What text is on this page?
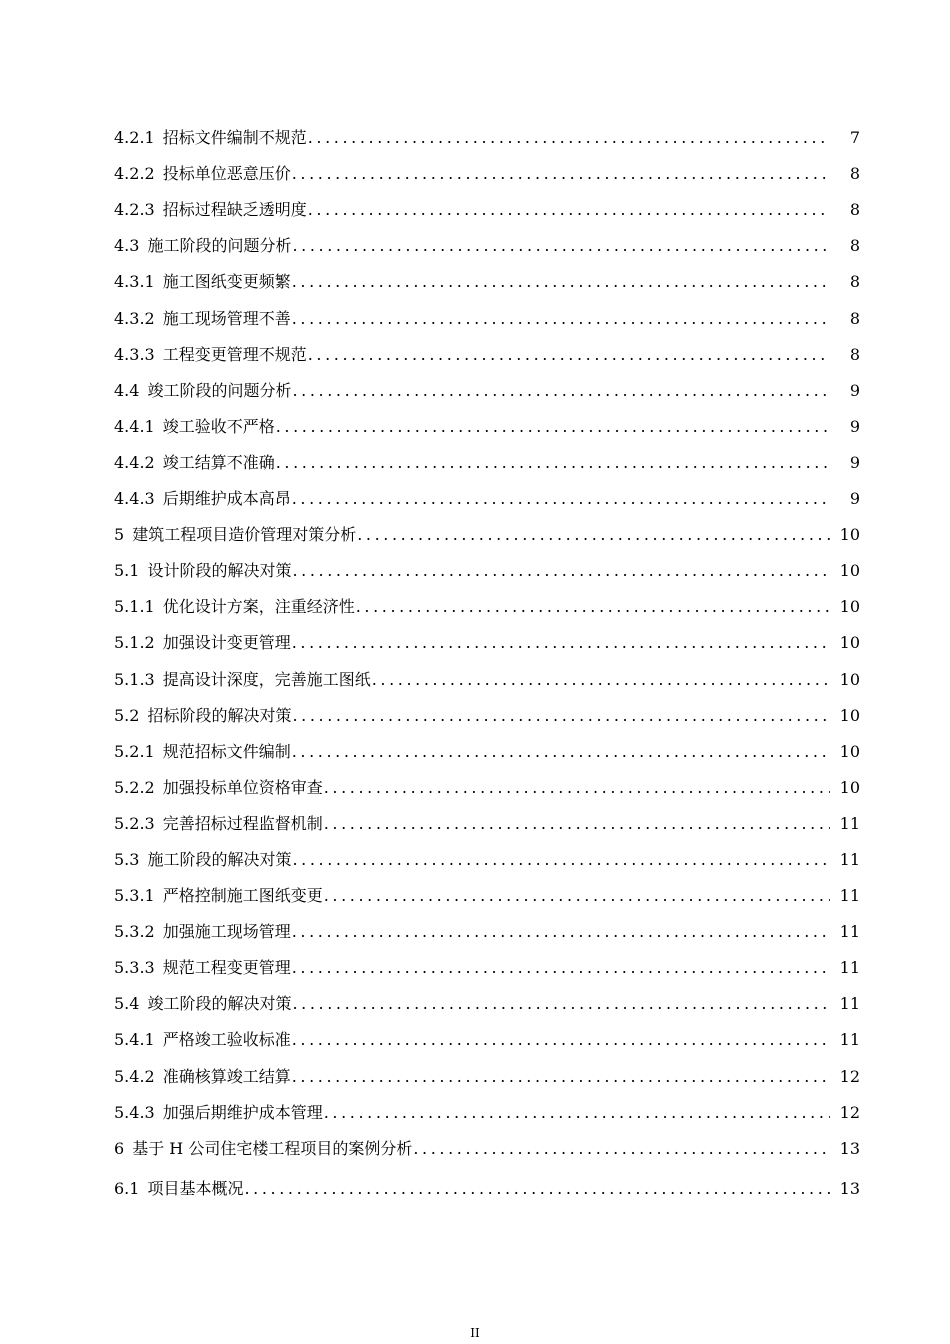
4.2.1 招标文件编制不规范 .....	7
4.2.2 投标单位恶意压价 .....	8
4.2.3 招标过程缺乏透明度 .....	8
4.3 施工阶段的问题分析 .....	8
4.3.1 施工图纸变更频繁 .....	8
4.3.2 施工现场管理不善 .....	8
4.3.3 工程变更管理不规范 .....	8
4.4 竣工阶段的问题分析 .....	9
4.4.1 竣工验收不严格 .....	9
4.4.2 竣工结算不准确 .....	9
4.4.3 后期维护成本高昂 .....	9
5 建筑工程项目造价管理对策分析 .....	10
5.1 设计阶段的解决对策 .....	10
5.1.1 优化设计方案，注重经济性 .....	10
5.1.2 加强设计变更管理 .....	10
5.1.3 提高设计深度，完善施工图纸 .....	10
5.2 招标阶段的解决对策 .....	10
5.2.1 规范招标文件编制 .....	10
5.2.2 加强投标单位资格审查 .....	10
5.2.3 完善招标过程监督机制 .....	11
5.3 施工阶段的解决对策 .....	11
5.3.1 严格控制施工图纸变更 .....	11
5.3.2 加强施工现场管理 .....	11
5.3.3 规范工程变更管理 .....	11
5.4 竣工阶段的解决对策 .....	11
5.4.1 严格竣工验收标准 .....	11
5.4.2 准确核算竣工结算 .....	12
5.4.3 加强后期维护成本管理 .....	12
6 基于 H 公司住宅楼工程项目的案例分析 .....	13
6.1 项目基本概况 .....	13
II
